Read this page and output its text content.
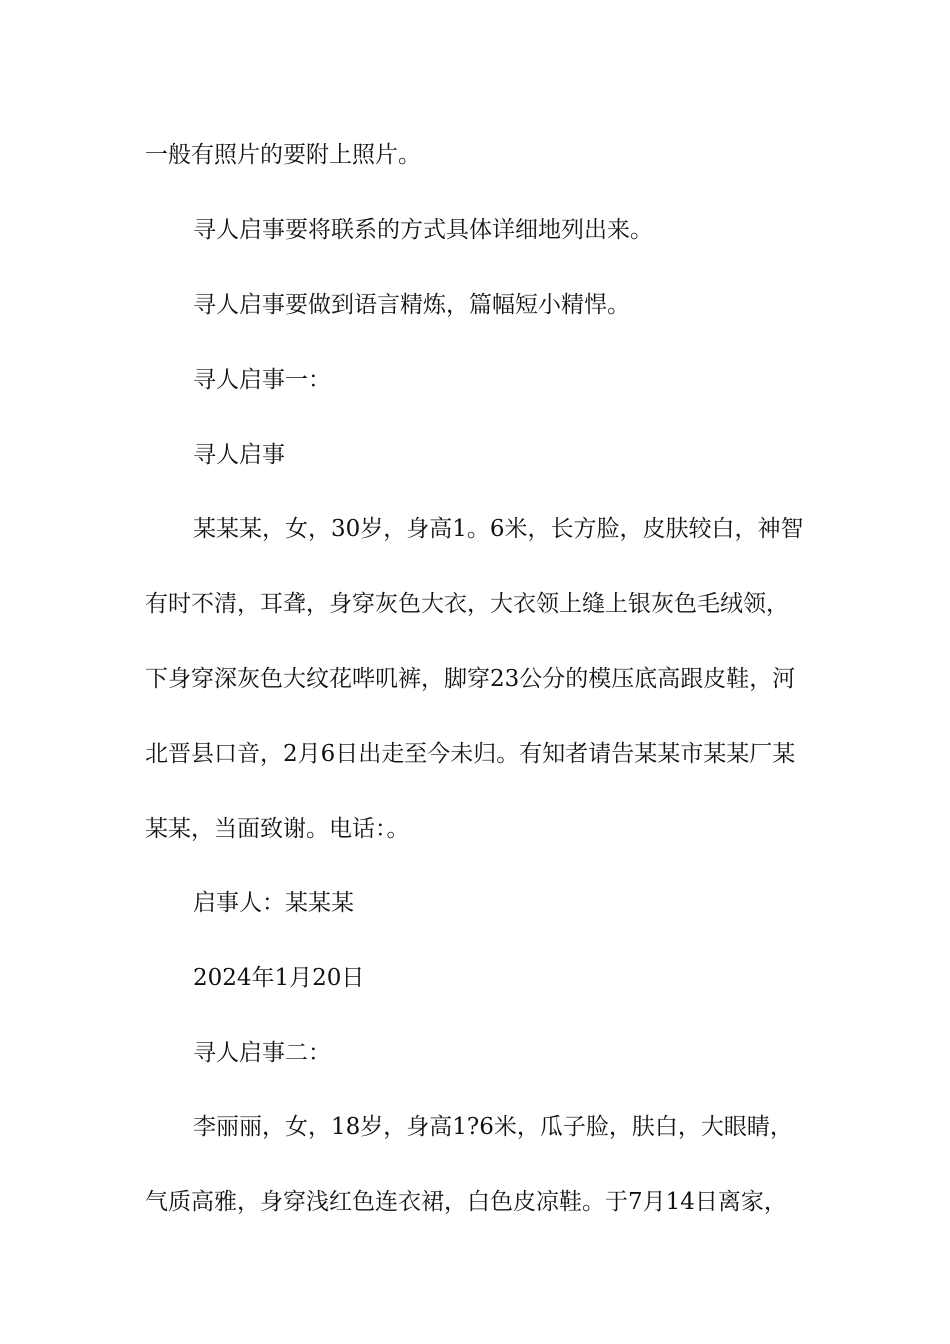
一般有照片的要附上照片。

寻人启事要将联系的方式具体详细地列出来。

寻人启事要做到语言精炼，篇幅短小精悍。

寻人启事一：

寻人启事

某某某，女，30岁，身高1。6米，长方脸，皮肤较白，神智有时不清，耳聋，身穿灰色大衣，大衣领上缝上银灰色毛绒领，下身穿深灰色大纹花哔叽裤，脚穿23公分的模压底高跟皮鞋，河北晋县口音，2月6日出走至今未归。有知者请告某某市某某厂某某某，当面致谢。电话：。

启事人：某某某

2024年1月20日

寻人启事二：

李丽丽，女，18岁，身高1?6米，瓜子脸，肤白，大眼睛，气质高雅，身穿浅红色连衣裙，白色皮凉鞋。于7月14日离家，
